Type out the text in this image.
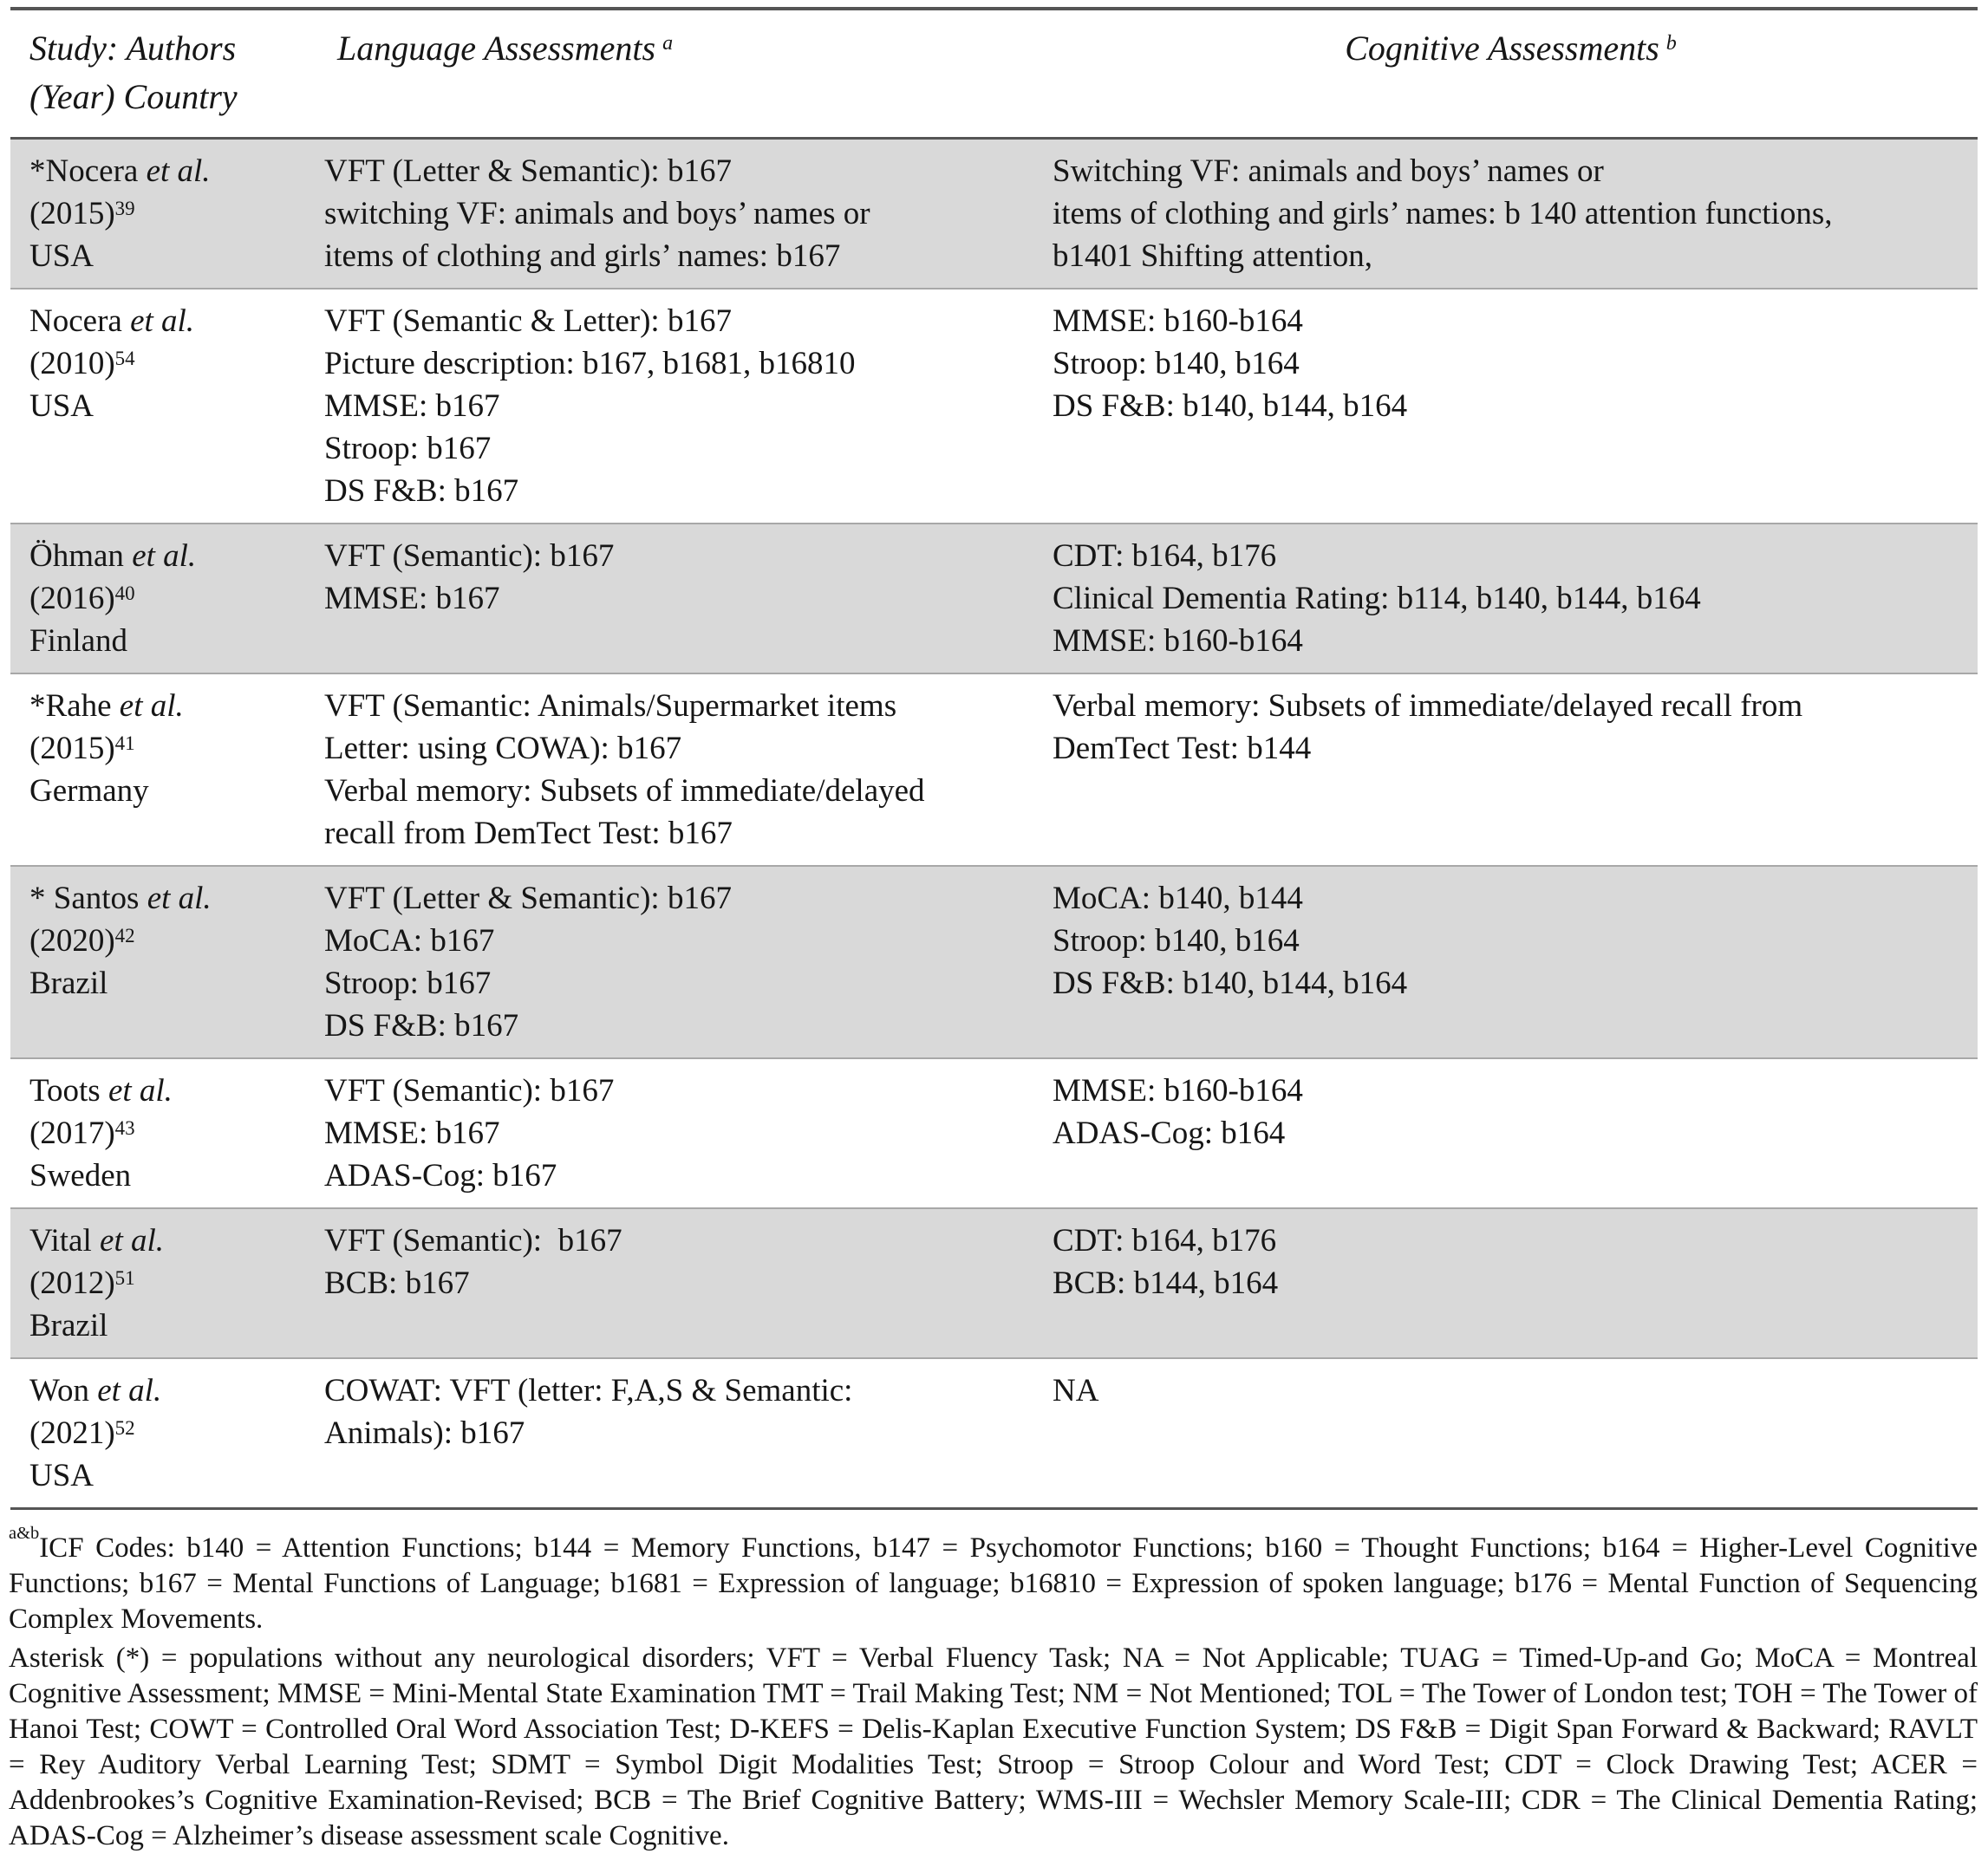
Study: Authors
(Year) Country
Language Assessments $^a$	Cognitive Assessments $^b$
*Nocera et al.
$(2015)^{39}$
USA
VFT (Letter & Semantic): b167
switching VF: animals and boys’ names or
items of clothing and girls’ names: b167
Switching VF: animals and boys’ names or
items of clothing and girls’ names: b 140 attention functions,
b1401 Shifting attention,
Nocera et al.
$(2010)^{54}$
USA
VFT (Semantic & Letter): b167
Picture description: b167, b1681, b16810
MMSE: b167
Stroop: b167
DS F&B: b167
MMSE: b160-b164
Stroop: b140, b164
DS F&B: b140, b144, b164
Öhman et al.
$(2016)^{40}$
Finland
VFT (Semantic): b167
MMSE: b167
CDT: b164, b176
Clinical Dementia Rating: b114, b140, b144, b164
MMSE: b160-b164
*Rahe et al.
$(2015)^{41}$
Germany
VFT (Semantic: Animals/Supermarket items
Letter: using COWA): b167
Verbal memory: Subsets of immediate/delayed
recall from DemTect Test: b167
Verbal memory: Subsets of immediate/delayed recall from
DemTect Test: b144
* Santos et al.
$(2020)^{42}$
Brazil
VFT (Letter & Semantic): b167
MoCA: b167
Stroop: b167
DS F&B: b167
MoCA: b140, b144
Stroop: b140, b164
DS F&B: b140, b144, b164
Toots et al.
$(2017)^{43}$
Sweden
VFT (Semantic): b167
MMSE: b167
ADAS-Cog: b167
MMSE: b160-b164
ADAS-Cog: b164
Vital et al.
$(2012)^{51}$
Brazil
VFT (Semantic):  b167
BCB: b167
CDT: b164, b176
BCB: b144, b164
Won et al.
$(2021)^{52}$
USA
COWAT: VFT (letter: F,A,S & Semantic:
Animals): b167
NA

$^{a\&b}$ICF Codes: b140 = Attention Functions; b144 = Memory Functions, b147 = Psychomotor Functions; b160 = Thought Functions; b164 = Higher-Level Cognitive Functions; b167 = Mental Functions of Language; b1681 = Expression of language; b16810 = Expression of spoken language; b176 = Mental Function of Sequencing Complex Movements.

Asterisk (*) = populations without any neurological disorders; VFT = Verbal Fluency Task; NA = Not Applicable; TUAG = Timed-Up-and Go; MoCA = Montreal Cognitive Assessment; MMSE = Mini-Mental State Examination TMT = Trail Making Test; NM = Not Mentioned; TOL = The Tower of London test; TOH = The Tower of Hanoi Test; COWT = Controlled Oral Word Association Test; D-KEFS = Delis-Kaplan Executive Function System; DS F&B = Digit Span Forward & Backward; RAVLT = Rey Auditory Verbal Learning Test; SDMT = Symbol Digit Modalities Test; Stroop = Stroop Colour and Word Test; CDT = Clock Drawing Test; ACER = Addenbrookes’s Cognitive Examination-Revised; BCB = The Brief Cognitive Battery; WMS-III = Wechsler Memory Scale-III; CDR = The Clinical Dementia Rating; ADAS-Cog = Alzheimer’s disease assessment scale Cognitive.
